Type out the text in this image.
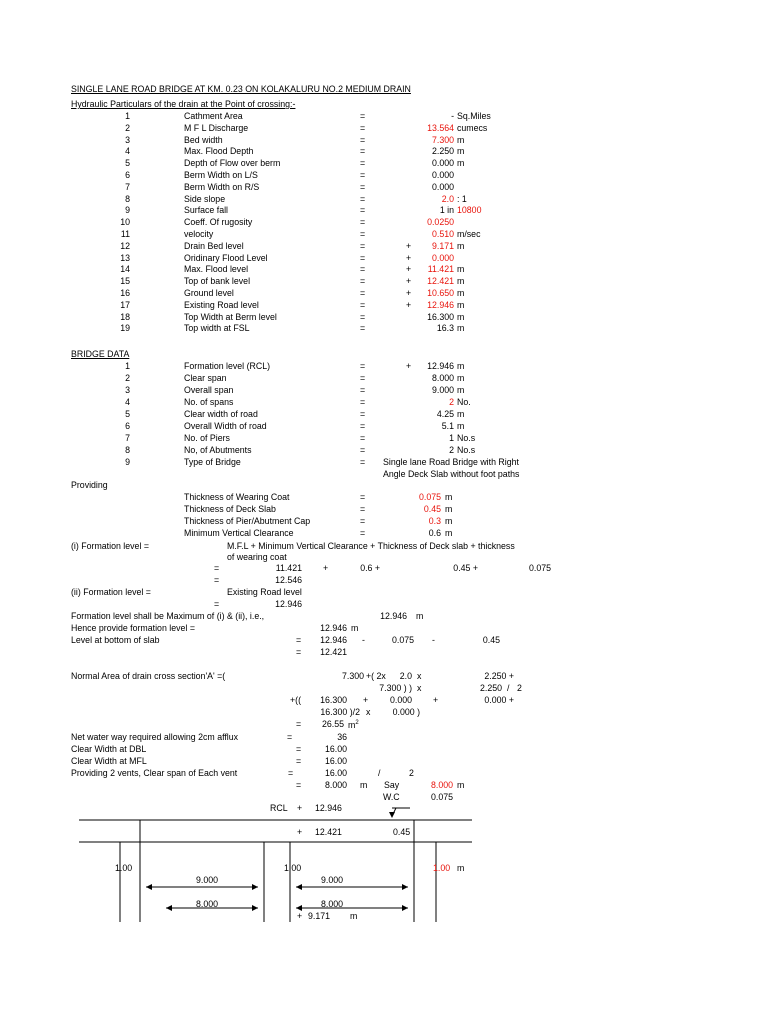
SINGLE LANE ROAD BRIDGE AT KM. 0.23 ON KOLAKALURU NO.2 MEDIUM DRAIN
Hydraulic Particulars of the drain at the Point of crossing:-
1	Cathment Area	=	- Sq.Miles
2	M F L Discharge	=	13.564 cumecs
3	Bed width	=	7.300 m
4	Max. Flood Depth	=	2.250 m
5	Depth of Flow over berm	=	0.000 m
6	Berm Width on L/S	=	0.000
7	Berm Width on R/S	=	0.000
8	Side slope	=	2.0 : 1
9	Surface fall	=	1 in 10800
10	Coeff. Of rugosity	=	0.0250
11	velocity	=	0.510 m/sec
12	Drain Bed level	=	+	9.171 m
13	Oridinary Flood Level	=	+	0.000
14	Max. Flood level	=	+	11.421 m
15	Top of bank level	=	+	12.421 m
16	Ground level	=	+	10.650 m
17	Existing Road level	=	+	12.946 m
18	Top Width at Berm level	=	16.300 m
19	Top width at FSL	=	16.3 m
BRIDGE DATA
1	Formation level (RCL)	=	+	12.946 m
2	Clear span	=	8.000 m
3	Overall span	=	9.000 m
4	No. of spans	=	2 No.
5	Clear width of road	=	4.25 m
6	Overall Width of road	=	5.1 m
7	No. of Piers	=	1 No.s
8	No, of Abutments	=	2 No.s
9	Type of Bridge	= Single lane Road Bridge with Right
Angle Deck Slab without foot paths
Providing
Thickness of Wearing Coat	=	0.075 m
Thickness of Deck Slab	=	0.45 m
Thickness of Pier/Abutment Cap	=	0.3 m
Minimum Vertical Clearance	=	0.6 m
(i) Formation level =	M.F.L + Minimum Vertical Clearance + Thickness of Deck slab + thickness
of wearing coat
=	11.421 +	0.6 +	0.45 +	0.075
=	12.546
(ii) Formation level =	Existing Road level
=	12.946
Formation level shall be Maximum of (i) & (ii), i.e.,	12.946 m
Hence provide formation level =	12.946 m
Level at bottom of slab	=	12.946 -	0.075 -	0.45
=	12.421
Normal Area of drain cross section'A' =(	7.300 +( 2x	2.0 x	2.250 +
7.300 ) ) x	2.250 / 2
+((	16.300 +	0.000 +	0.000 +
16.300 )/2 x	0.000 )
=	26.55 $m^2$
Net water way required allowing 2cm afflux	=	36
Clear Width at DBL	=	16.00
Clear Width at MFL	=	16.00
Providing 2 vents, Clear span of Each vent	=	16.00	/	2
=	8.000 m Say	8.000 m
W.C	0.075
RCL + 12.946
+ 12.421	0.45
1.00	1.00	1.00 m
9.000	9.000
8.000	8.000
+ 9.171 m
